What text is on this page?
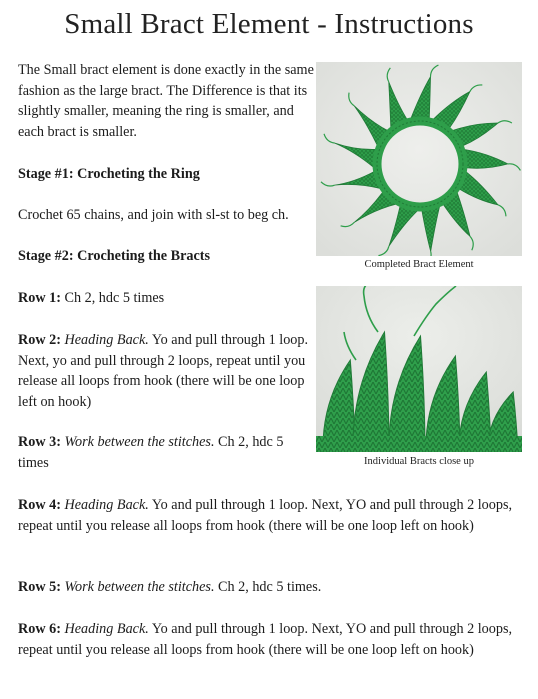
Small Bract Element - Instructions

The Small bract element is done exactly in the same fashion as the large bract. The Difference is that its slightly smaller, meaning the ring is smaller, and each bract is smaller.

Stage #1: Crocheting the Ring

Crochet 65 chains, and join with sl-st to beg ch.

Stage #2: Crocheting the Bracts

Row 1: Ch 2, hdc 5 times

Row 2: Heading Back. Yo and pull through 1 loop. Next, yo and pull through 2 loops, repeat until you release all loops from hook (there will be one loop left on hook)

Row 3: Work between the stitches. Ch 2, hdc 5 times

Row 4: Heading Back. Yo and pull through 1 loop. Next, YO and pull through 2 loops, repeat until you release all loops from hook (there will be one loop left on hook)

Row 5: Work between the stitches. Ch 2, hdc 5 times.

Row 6: Heading Back. Yo and pull through 1 loop. Next, YO and pull through 2 loops, repeat until you release all loops from hook (there will be one loop left on hook)

Completed Bract Element
Individual Bracts close up
